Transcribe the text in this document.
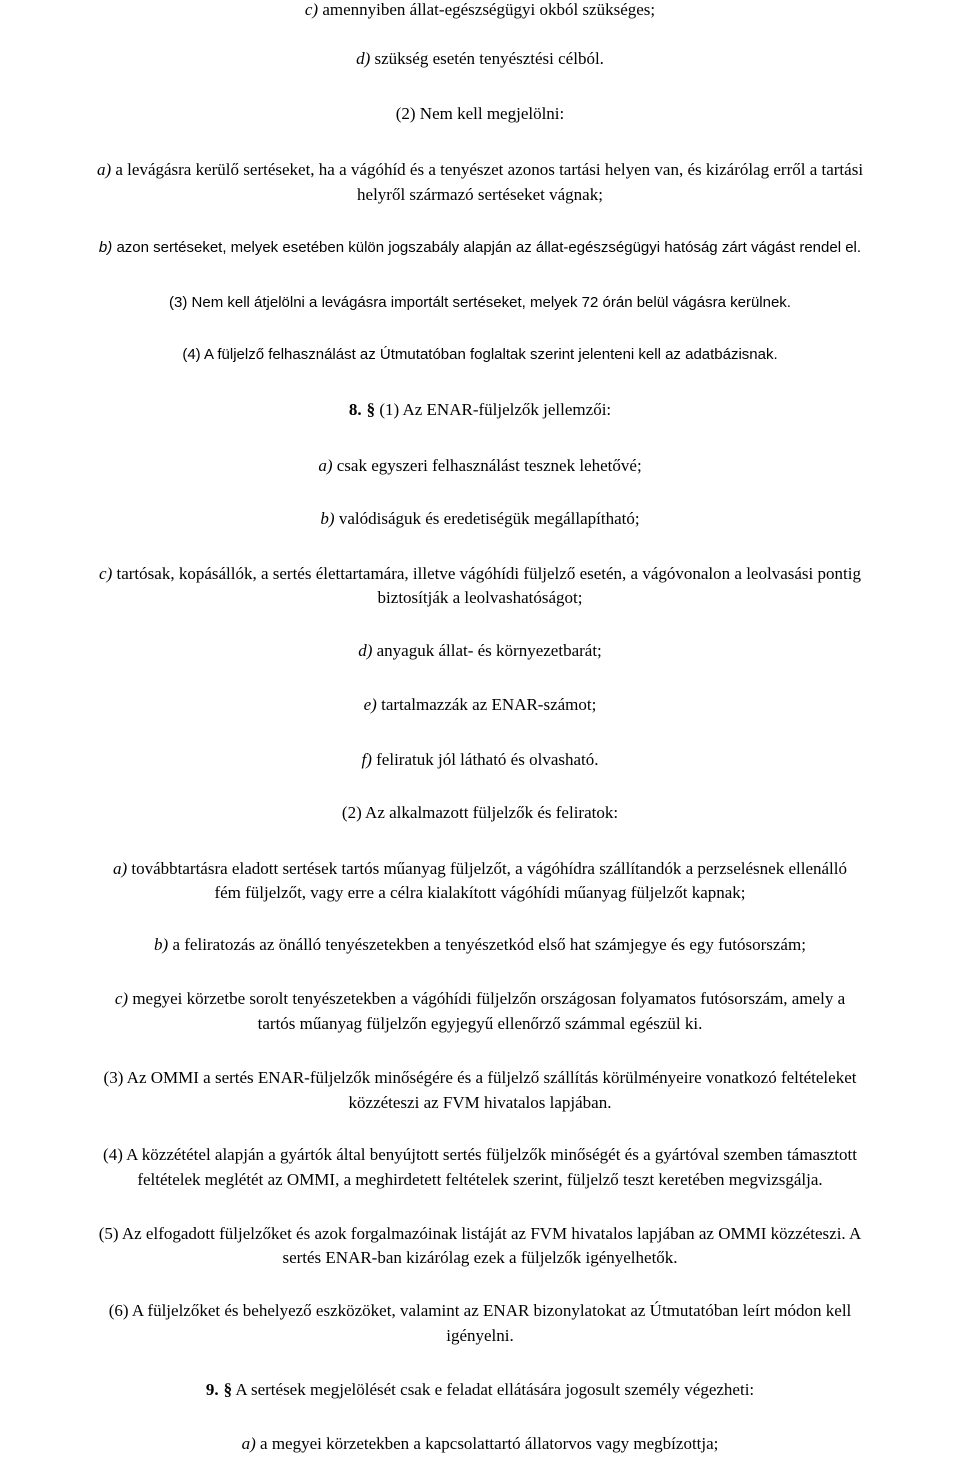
c) amennyiben állat-egészségügyi okból szükséges;
d) szükség esetén tenyésztési célból.
(2) Nem kell megjelölni:
a) a levágásra kerülő sertéseket, ha a vágóhíd és a tenyészet azonos tartási helyen van, és kizárólag erről a tartási
helyről származó sertéseket vágnak;
b) azon sertéseket, melyek esetében külön jogszabály alapján az állat-egészségügyi hatóság zárt vágást rendel el.
(3) Nem kell átjelölni a levágásra importált sertéseket, melyek 72 órán belül vágásra kerülnek.
(4) A füljelző felhasználást az Útmutatóban foglaltak szerint jelenteni kell az adatbázisnak.
8. § (1) Az ENAR-füljelzők jellemzői:
a) csak egyszeri felhasználást tesznek lehetővé;
b) valódiságuk és eredetiségük megállapítható;
c) tartósak, kopásállók, a sertés élettartamára, illetve vágóhídi füljelző esetén, a vágóvonalon a leolvasási pontig
biztosítják a leolvashatóságot;
d) anyaguk állat- és környezetbarát;
e) tartalmazzák az ENAR-számot;
f) feliratuk jól látható és olvasható.
(2) Az alkalmazott füljelzők és feliratok:
a) továbbtartásra eladott sertések tartós műanyag füljelzőt, a vágóhídra szállítandók a perzselésnek ellenálló
fém füljelzőt, vagy erre a célra kialakított vágóhídi műanyag füljelzőt kapnak;
b) a feliratozás az önálló tenyészetekben a tenyészetkód első hat számjegye és egy futósorszám;
c) megyei körzetbe sorolt tenyészetekben a vágóhídi füljelzőn országosan folyamatos futósorszám, amely a
tartós műanyag füljelzőn egyjegyű ellenőrző számmal egészül ki.
(3) Az OMMI a sertés ENAR-füljelzők minőségére és a füljelző szállítás körülményeire vonatkozó feltételeket
közzéteszi az FVM hivatalos lapjában.
(4) A közzététel alapján a gyártók által benyújtott sertés füljelzők minőségét és a gyártóval szemben támasztott
feltételek meglétét az OMMI, a meghirdetett feltételek szerint, füljelző teszt keretében megvizsgálja.
(5) Az elfogadott füljelzőket és azok forgalmazóinak listáját az FVM hivatalos lapjában az OMMI közzéteszi. A
sertés ENAR-ban kizárólag ezek a füljelzők igényelhetők.
(6) A füljelzőket és behelyező eszközöket, valamint az ENAR bizonylatokat az Útmutatóban leírt módon kell
igényelni.
9. § A sertések megjelölését csak e feladat ellátására jogosult személy végezheti:
a) a megyei körzetekben a kapcsolattartó állatorvos vagy megbízottja;
